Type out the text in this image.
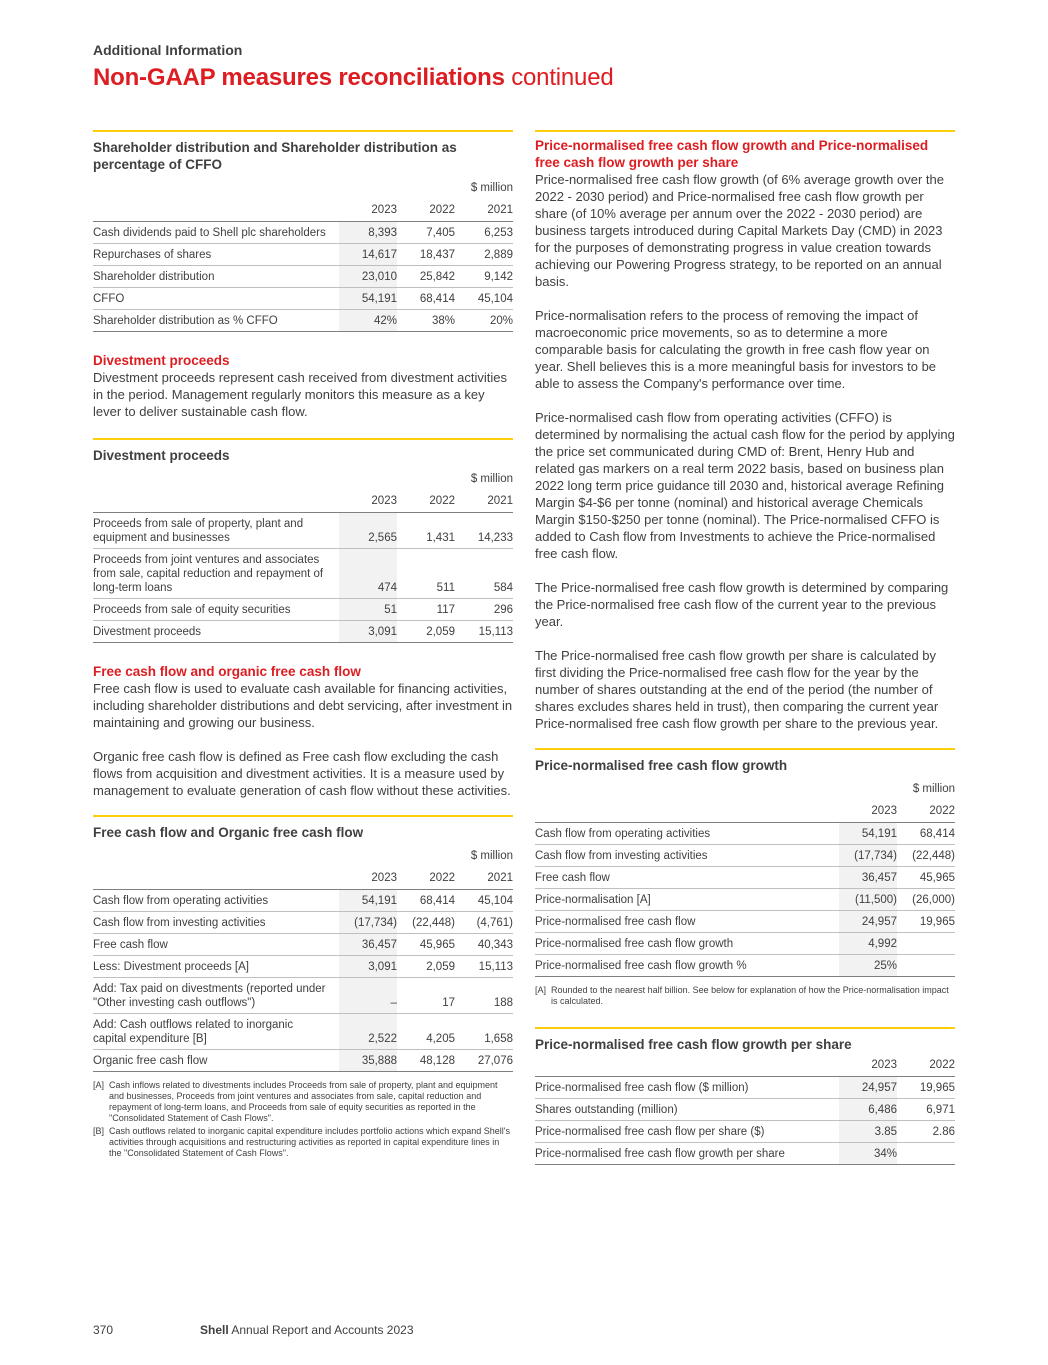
Additional Information
Non-GAAP measures reconciliations continued
Shareholder distribution and Shareholder distribution as percentage of CFFO
			$ million
	2023	2022	2021
Cash dividends paid to Shell plc shareholders	8,393	7,405	6,253
Repurchases of shares	14,617	18,437	2,889
Shareholder distribution	23,010	25,842	9,142
CFFO	54,191	68,414	45,104
Shareholder distribution as % CFFO	42%	38%	20%
Divestment proceeds
Divestment proceeds represent cash received from divestment activities in the period. Management regularly monitors this measure as a key lever to deliver sustainable cash flow.
Divestment proceeds
			$ million
	2023	2022	2021
Proceeds from sale of property, plant and equipment and businesses	2,565	1,431	14,233
Proceeds from joint ventures and associates from sale, capital reduction and repayment of long-term loans	474	511	584
Proceeds from sale of equity securities	51	117	296
Divestment proceeds	3,091	2,059	15,113
Free cash flow and organic free cash flow
Free cash flow is used to evaluate cash available for financing activities, including shareholder distributions and debt servicing, after investment in maintaining and growing our business.
Organic free cash flow is defined as Free cash flow excluding the cash flows from acquisition and divestment activities. It is a measure used by management to evaluate generation of cash flow without these activities.
Free cash flow and Organic free cash flow
			$ million
	2023	2022	2021
Cash flow from operating activities	54,191	68,414	45,104
Cash flow from investing activities	(17,734)	(22,448)	(4,761)
Free cash flow	36,457	45,965	40,343
Less: Divestment proceeds [A]	3,091	2,059	15,113
Add: Tax paid on divestments (reported under "Other investing cash outflows")	–	17	188
Add: Cash outflows related to inorganic capital expenditure [B]	2,522	4,205	1,658
Organic free cash flow	35,888	48,128	27,076
[A] Cash inflows related to divestments includes Proceeds from sale of property, plant and equipment and businesses, Proceeds from joint ventures and associates from sale, capital reduction and repayment of long-term loans, and Proceeds from sale of equity securities as reported in the "Consolidated Statement of Cash Flows".
[B] Cash outflows related to inorganic capital expenditure includes portfolio actions which expand Shell's activities through acquisitions and restructuring activities as reported in capital expenditure lines in the "Consolidated Statement of Cash Flows".
Price-normalised free cash flow growth and Price-normalised free cash flow growth per share
Price-normalised free cash flow growth (of 6% average growth over the 2022 - 2030 period) and Price-normalised free cash flow growth per share (of 10% average per annum over the 2022 - 2030 period) are business targets introduced during Capital Markets Day (CMD) in 2023 for the purposes of demonstrating progress in value creation towards achieving our Powering Progress strategy, to be reported on an annual basis.
Price-normalisation refers to the process of removing the impact of macroeconomic price movements, so as to determine a more comparable basis for calculating the growth in free cash flow year on year. Shell believes this is a more meaningful basis for investors to be able to assess the Company's performance over time.
Price-normalised cash flow from operating activities (CFFO) is determined by normalising the actual cash flow for the period by applying the price set communicated during CMD of: Brent, Henry Hub and related gas markers on a real term 2022 basis, based on business plan 2022 long term price guidance till 2030 and, historical average Refining Margin $4-$6 per tonne (nominal) and historical average Chemicals Margin $150-$250 per tonne (nominal). The Price-normalised CFFO is added to Cash flow from Investments to achieve the Price-normalised free cash flow.
The Price-normalised free cash flow growth is determined by comparing the Price-normalised free cash flow of the current year to the previous year.
The Price-normalised free cash flow growth per share is calculated by first dividing the Price-normalised free cash flow for the year by the number of shares outstanding at the end of the period (the number of shares excludes shares held in trust), then comparing the current year Price-normalised free cash flow growth per share to the previous year.
Price-normalised free cash flow growth
		$ million
	2023	2022
Cash flow from operating activities	54,191	68,414
Cash flow from investing activities	(17,734)	(22,448)
Free cash flow	36,457	45,965
Price-normalisation [A]	(11,500)	(26,000)
Price-normalised free cash flow	24,957	19,965
Price-normalised free cash flow growth	4,992	
Price-normalised free cash flow growth %	25%	
[A] Rounded to the nearest half billion. See below for explanation of how the Price-normalisation impact is calculated.
Price-normalised free cash flow growth per share
	2023	2022
Price-normalised free cash flow ($ million)	24,957	19,965
Shares outstanding (million)	6,486	6,971
Price-normalised free cash flow per share ($)	3.85	2.86
Price-normalised free cash flow growth per share	34%	
370	Shell Annual Report and Accounts 2023
